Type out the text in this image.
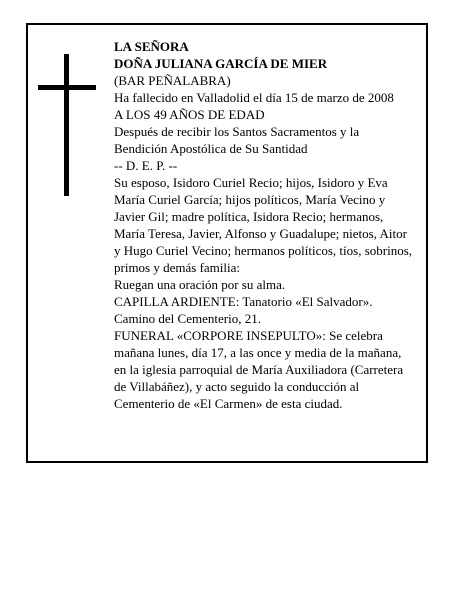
LA SEÑORA

DOÑA JULIANA GARCÍA DE MIER

(BAR PEÑALABRA)

Ha fallecido en Valladolid el día 15 de marzo de 2008

A LOS 49 AÑOS DE EDAD

Después de recibir los Santos Sacramentos y la Bendición Apostólica de Su Santidad

-- D. E. P. --

Su esposo, Isidoro Curiel Recio; hijos, Isidoro y Eva María Curiel García; hijos políticos, María Vecino y Javier Gil; madre política, Isidora Recio; hermanos, María Teresa, Javier, Alfonso y Guadalupe; nietos, Aitor y Hugo Curiel Vecino; hermanos políticos, tíos, sobrinos, primos y demás familia:

Ruegan una oración por su alma.

CAPILLA ARDIENTE: Tanatorio «El Salvador». Camino del Cementerio, 21.

FUNERAL «CORPORE INSEPULTO»: Se celebra mañana lunes, día 17, a las once y media de la mañana, en la iglesia parroquial de María Auxiliadora (Carretera de Villabáñez), y acto seguido la conducción al Cementerio de «El Carmen» de esta ciudad.
